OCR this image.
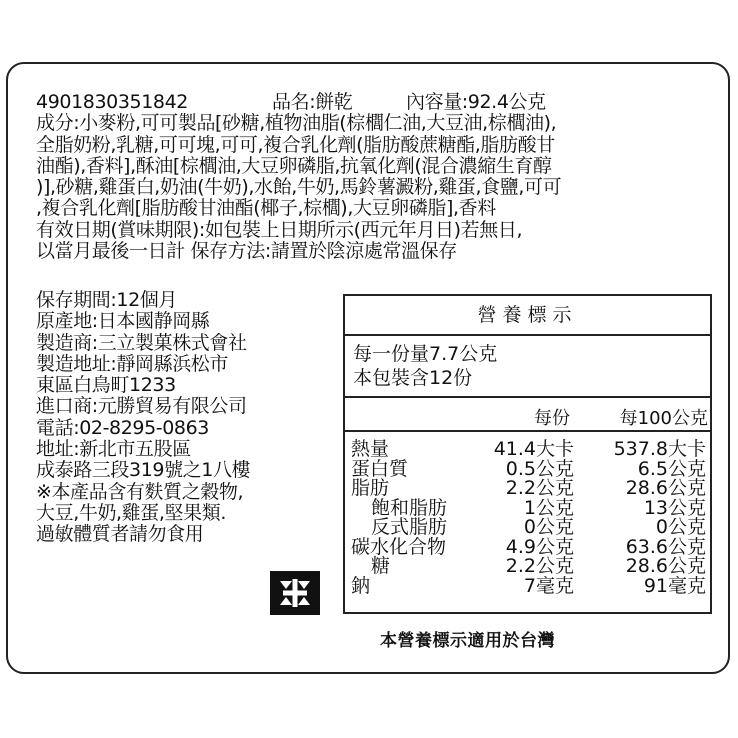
4901830351842	品名:餅乾	內容量:92.4公克
成分:小麥粉,可可製品[砂糖,植物油脂(棕櫚仁油,大豆油,棕櫚油),
全脂奶粉,乳糖,可可塊,可可,複合乳化劑(脂肪酸蔗糖酯,脂肪酸甘
油酯),香料],酥油[棕櫚油,大豆卵磷脂,抗氧化劑(混合濃縮生育醇
)],砂糖,雞蛋白,奶油(牛奶),水飴,牛奶,馬鈴薯澱粉,雞蛋,食鹽,可可
,複合乳化劑[脂肪酸甘油酯(椰子,棕櫚),大豆卵磷脂],香料
有效日期(賞味期限):如包裝上日期所示(西元年月日)若無日,
以當月最後一日計 保存方法:請置於陰涼處常溫保存
保存期間:12個月
原產地:日本國静岡縣
製造商:三立製菓株式會社
製造地址:靜岡縣浜松市
東區白鳥町1233
進口商:元勝貿易有限公司
電話:02-8295-0863
地址:新北市五股區
成泰路三段319號之1八樓
※本產品含有麩質之穀物,
大豆,牛奶,雞蛋,堅果類.
過敏體質者請勿食用
營養標示
每一份量7.7公克
本包裝含12份
每份	每100公克
熱量	41.4大卡 537.8大卡
蛋白質	0.5公克	6.5公克
脂肪	2.2公克	28.6公克
飽和脂肪	1公克	13公克
反式脂肪	0公克	0公克
碳水化合物	4.9公克	63.6公克
糖	2.2公克	28.6公克
鈉	7毫克	91毫克
本營養標示適用於台灣
